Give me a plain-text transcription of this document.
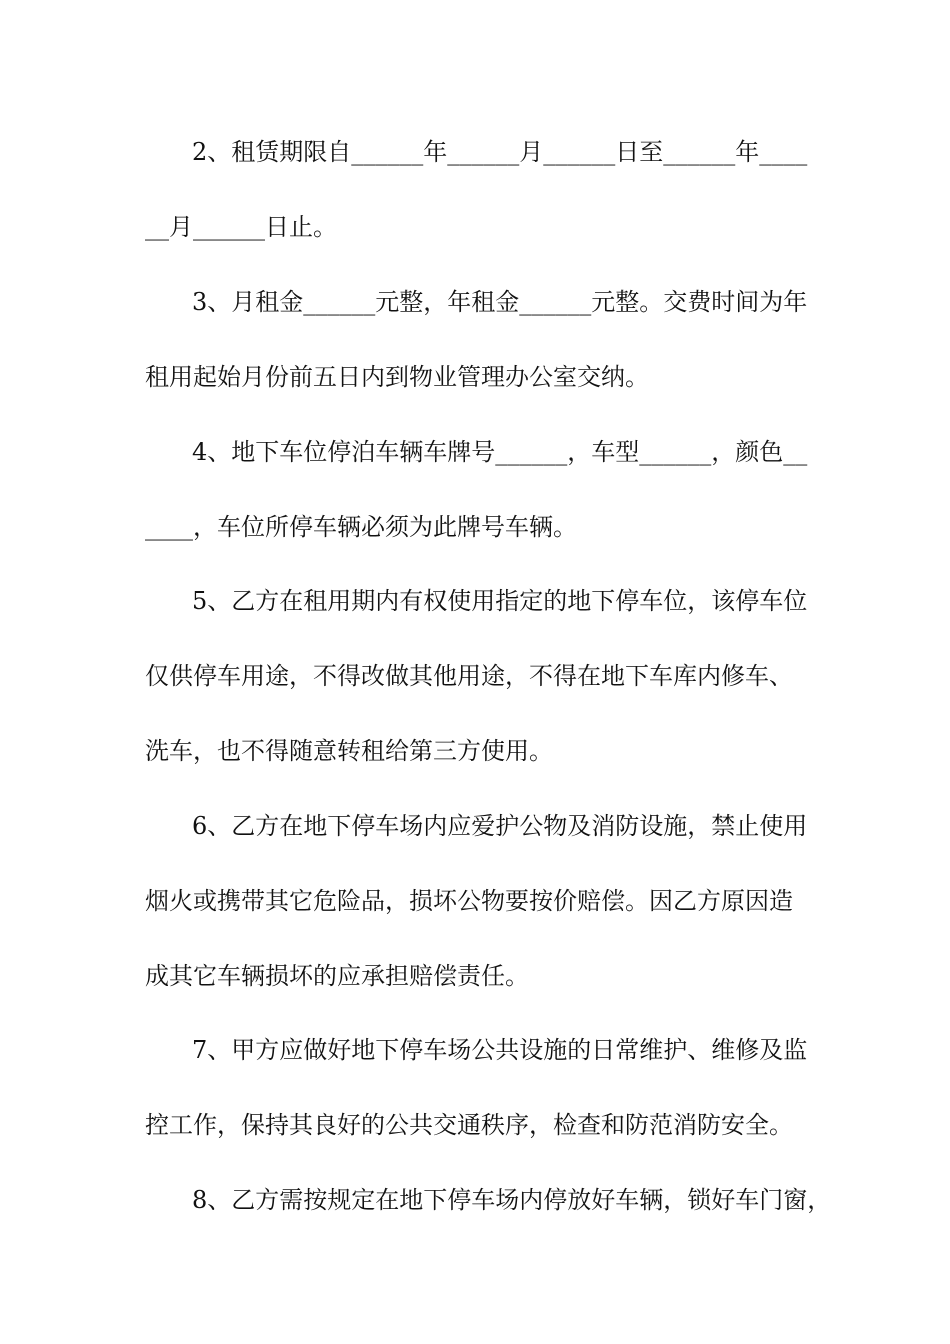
2、租赁期限自______年______月______日至______年____
__月______日止。
3、月租金______元整，年租金______元整。交费时间为年
租用起始月份前五日内到物业管理办公室交纳。
4、地下车位停泊车辆车牌号______，车型______，颜色__
____，车位所停车辆必须为此牌号车辆。
5、乙方在租用期内有权使用指定的地下停车位，该停车位
仅供停车用途，不得改做其他用途，不得在地下车库内修车、
洗车，也不得随意转租给第三方使用。
6、乙方在地下停车场内应爱护公物及消防设施，禁止使用
烟火或携带其它危险品，损坏公物要按价赔偿。因乙方原因造
成其它车辆损坏的应承担赔偿责任。
7、甲方应做好地下停车场公共设施的日常维护、维修及监
控工作，保持其良好的公共交通秩序，检查和防范消防安全。
8、乙方需按规定在地下停车场内停放好车辆，锁好车门窗，
